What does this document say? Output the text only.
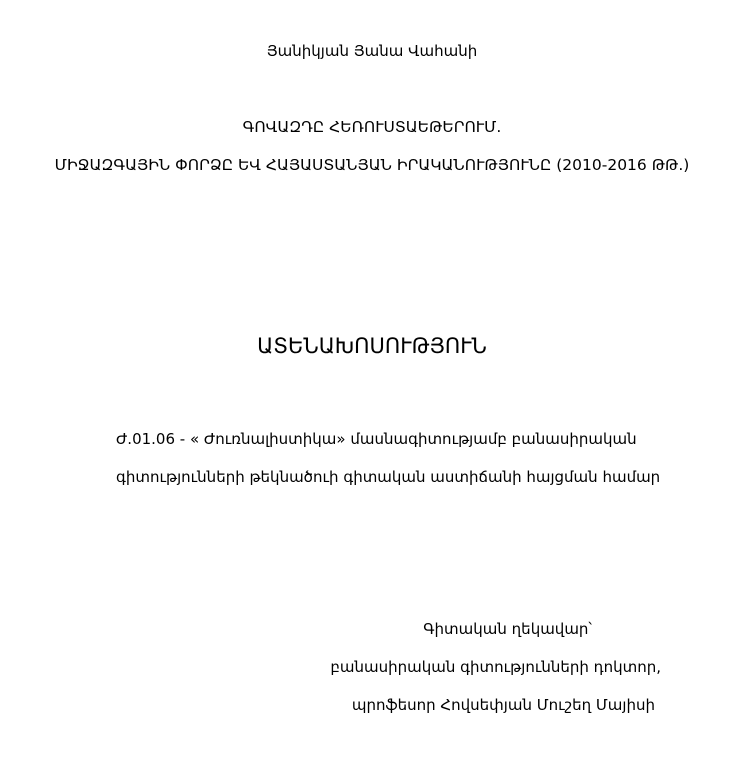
Յանիկյան Յանա Վահանի
ԳՈՎԱԶԴԸ ՀԵՌՈՒՍՏԱԵԹԵՐՈՒՄ.
ՄԻՋԱԶԳԱՅԻՆ ՓՈՐՁԸ ԵՎ ՀԱՅԱՍՏԱՆՅԱՆ ԻՐԱԿԱՆՈՒԹՅՈՒՆԸ (2010-2016 ԹԹ.)
ԱՏԵՆԱԽՈՍՈՒԹՅՈՒՆ
Ժ.01.06 - « Ժուռնալիստիկա» մասնագիտությամբ բանասիրական
գիտությունների թեկնածուի գիտական աստիճանի հայցման համար
Գիտական ղեկավար՝
բանասիրական գիտությունների դոկտոր,
պրոֆեսոր Հովսեփյան Մուշեղ Մայիսի
